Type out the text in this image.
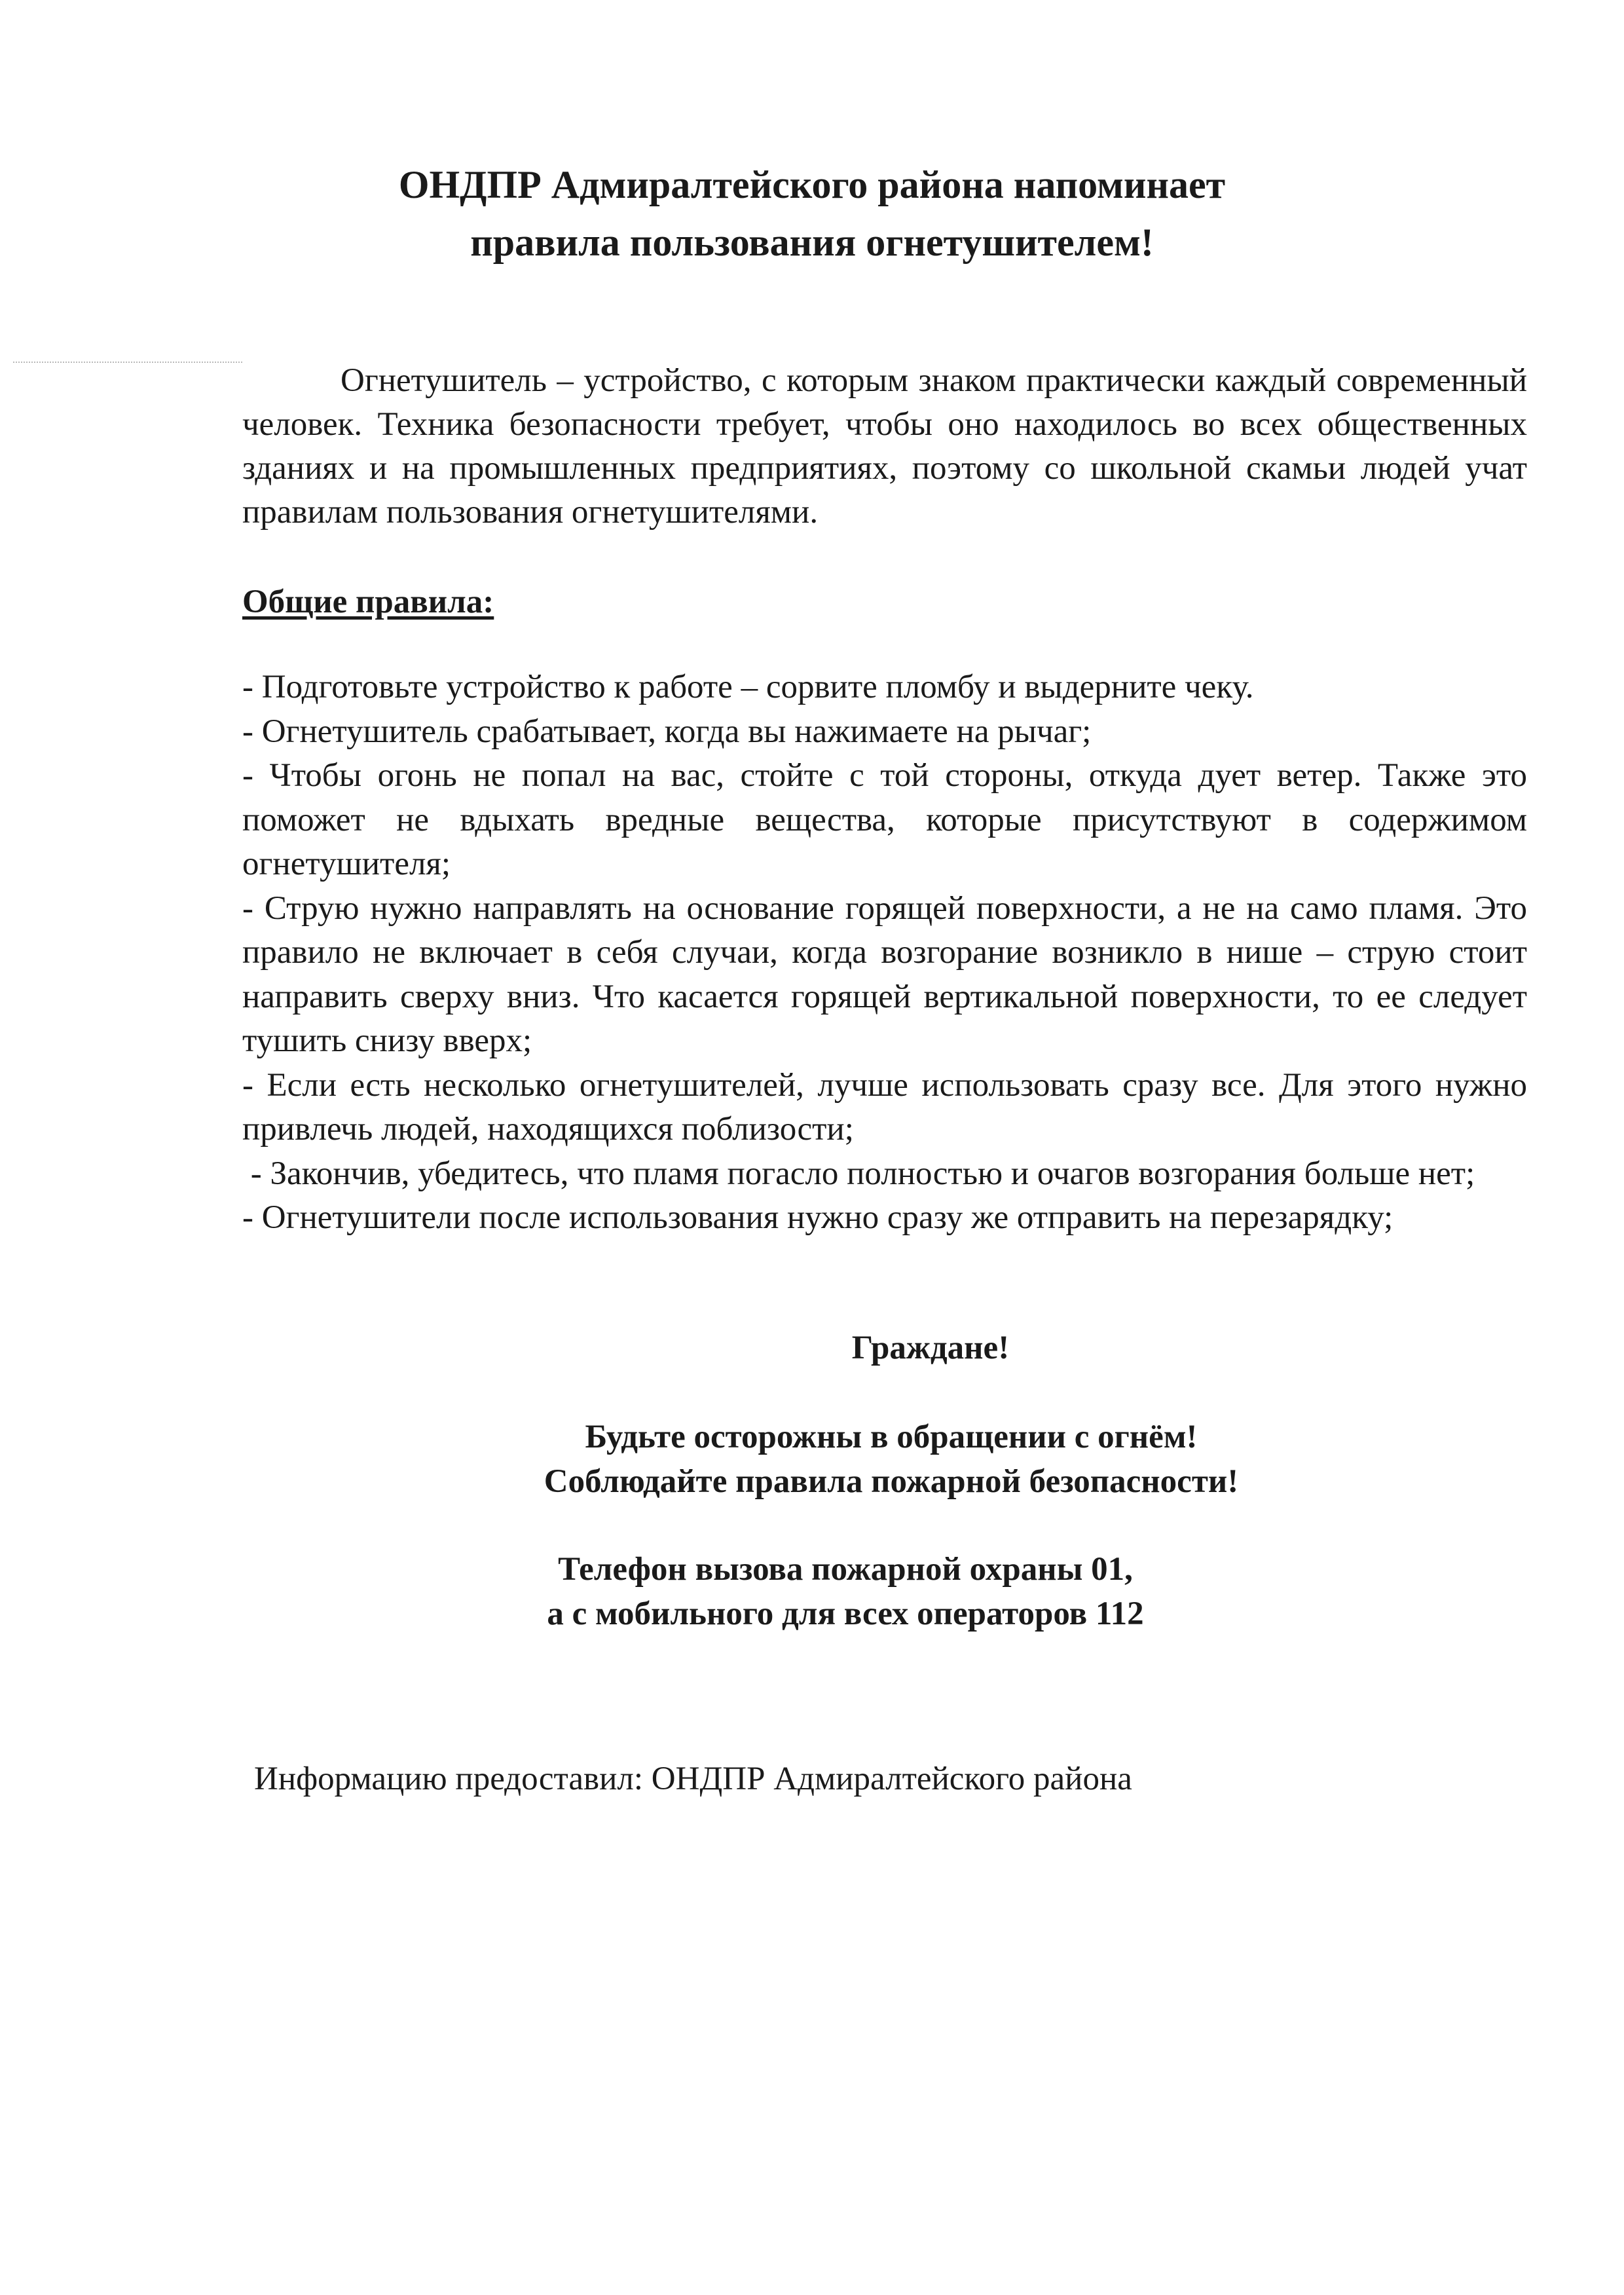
ОНДПР Адмиралтейского района напоминает
правила пользования огнетушителем!

Огнетушитель – устройство, с которым знаком практически каждый современный человек. Техника безопасности требует, чтобы оно находилось во всех общественных зданиях и на промышленных предприятиях, поэтому со школьной скамьи людей учат правилам пользования огнетушителями.

Общие правила:
- Подготовьте устройство к работе – сорвите пломбу и выдерните чеку.
- Огнетушитель срабатывает, когда вы нажимаете на рычаг;
- Чтобы огонь не попал на вас, стойте с той стороны, откуда дует ветер. Также это поможет не вдыхать вредные вещества, которые присутствуют в содержимом огнетушителя;
- Струю нужно направлять на основание горящей поверхности, а не на само пламя. Это правило не включает в себя случаи, когда возгорание возникло в нише – струю стоит направить сверху вниз. Что касается горящей вертикальной поверхности, то ее следует тушить снизу вверх;
- Если есть несколько огнетушителей, лучше использовать сразу все. Для этого нужно привлечь людей, находящихся поблизости;
- Закончив, убедитесь, что пламя погасло полностью и очагов возгорания больше нет;
- Огнетушители после использования нужно сразу же отправить на перезарядку;
Граждане!
Будьте осторожны в обращении с огнём!
Соблюдайте правила пожарной безопасности!
Телефон вызова пожарной охраны 01,
а с мобильного для всех операторов 112
Информацию предоставил: ОНДПР Адмиралтейского района
